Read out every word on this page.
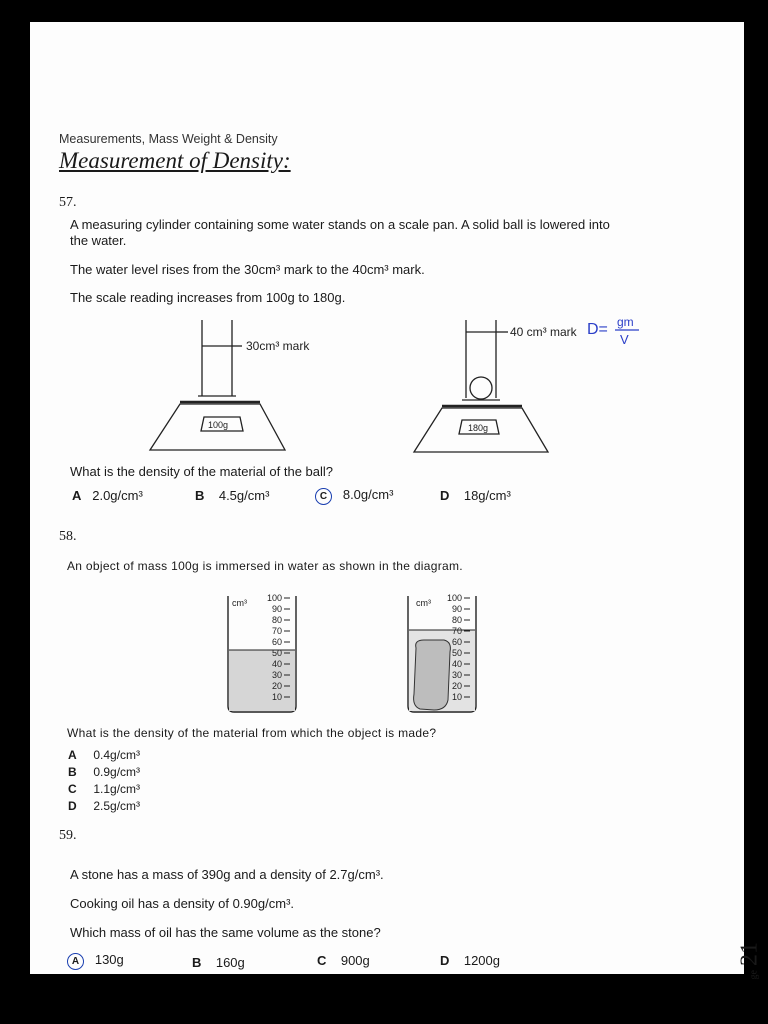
Measurements, Mass Weight & Density
Measurement of Density:
57.
A measuring cylinder containing some water stands on a scale pan. A solid ball is lowered into
the water.
The water level rises from the 30cm³ mark to the 40cm³ mark.
The scale reading increases from 100g to 180g.
30cm³ mark
100g
40 cm³ mark
180g
D= gm
V
What is the density of the material of the ball?
A 2.0g/cm³	B 4.5g/cm³	C 8.0g/cm³	D 18g/cm³
58.
An object of mass 100g is immersed in water as shown in the diagram.
100
90
80
70
60
50
40
30
20
10
cm³	100
90
80
70
60
50
40
30
20
10
cm³
What is the density of the material from which the object is made?
A 0.4g/cm³
B 0.9g/cm³
C 1.1g/cm³
D 2.5g/cm³
59.
A stone has a mass of 390g and a density of 2.7g/cm³.
Cooking oil has a density of 0.90g/cm³.
Which mass of oil has the same volume as the stone?
A 130g	B 160g	C 900g	D 1200g
ge 21
